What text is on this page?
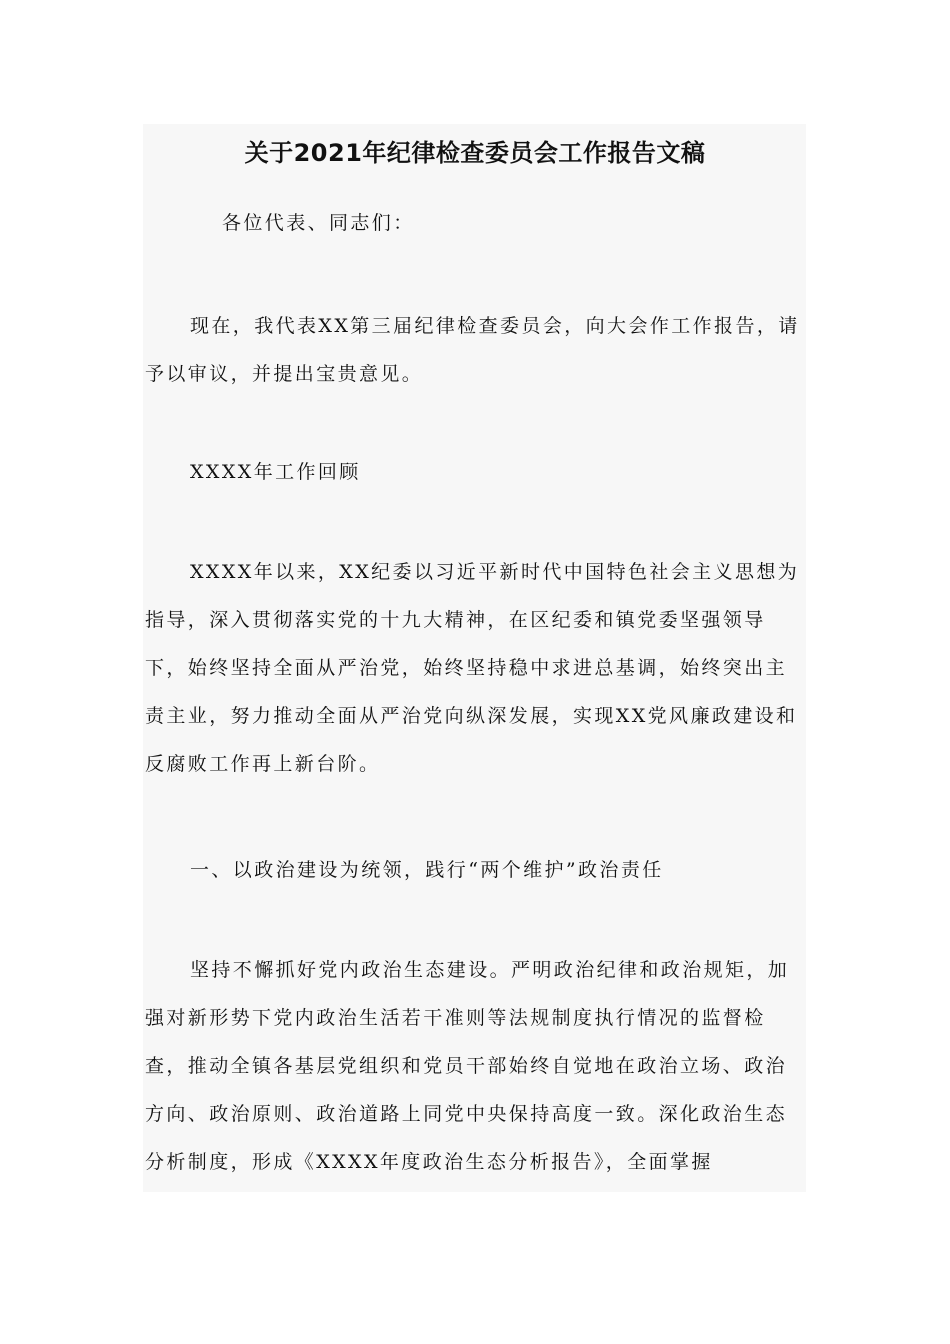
关于2021年纪律检查委员会工作报告文稿

各位代表、同志们：

现在，我代表XX第三届纪律检查委员会，向大会作工作报告，请予以审议，并提出宝贵意见。

XXXX年工作回顾

XXXX年以来，XX纪委以习近平新时代中国特色社会主义思想为指导，深入贯彻落实党的十九大精神，在区纪委和镇党委坚强领导下，始终坚持全面从严治党，始终坚持稳中求进总基调，始终突出主责主业，努力推动全面从严治党向纵深发展，实现XX党风廉政建设和反腐败工作再上新台阶。

一、以政治建设为统领，践行“两个维护”政治责任

坚持不懈抓好党内政治生态建设。严明政治纪律和政治规矩，加强对新形势下党内政治生活若干准则等法规制度执行情况的监督检查，推动全镇各基层党组织和党员干部始终自觉地在政治立场、政治方向、政治原则、政治道路上同党中央保持高度一致。深化政治生态分析制度，形成《XXXX年度政治生态分析报告》，全面掌握
